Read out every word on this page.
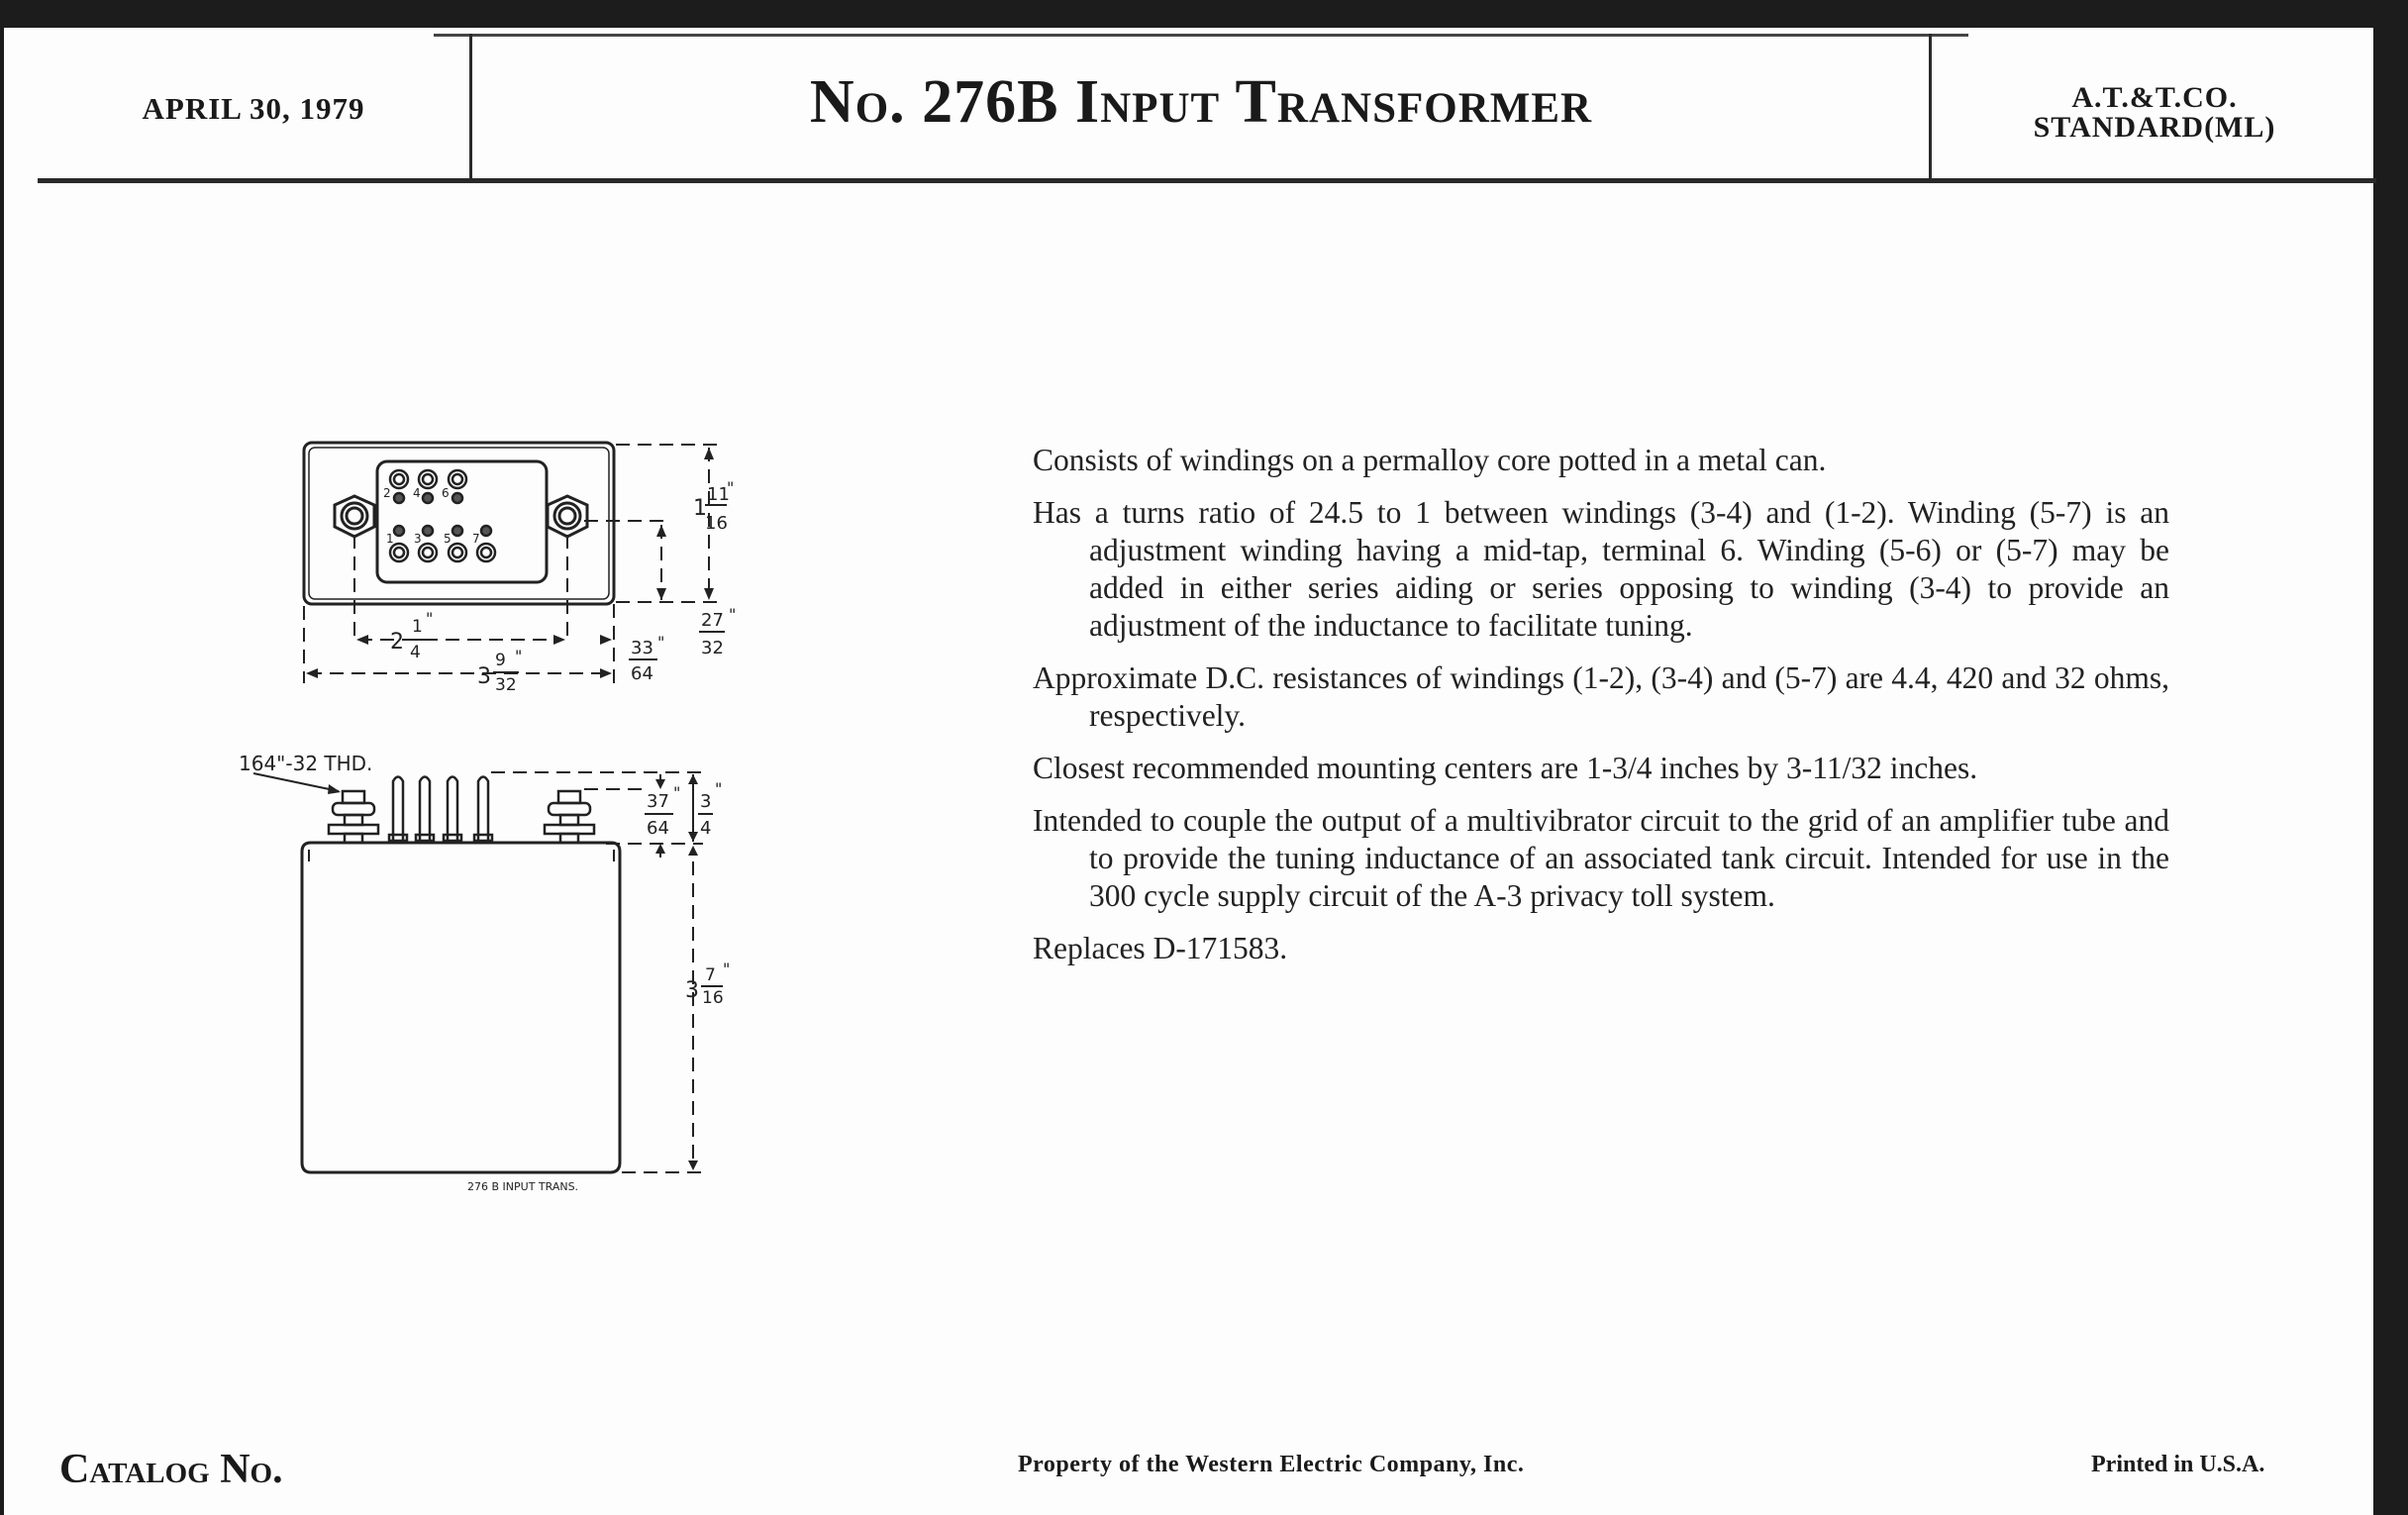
APRIL 30, 1979	No. 276B Input Transformer	A.T.&T.CO.
STANDARD(ML)
2 4 6
1 3 5 7
1
11
16
"
27
32
"
2
1
4
"
33
64
"
3
9
32
"
164"-32 THD.
37
64
" 3
4
"
3
7
16
"
276 B INPUT TRANS.

Consists of windings on a permalloy core potted in a metal can.

Has a turns ratio of 24.5 to 1 between windings (3-4) and (1-2). Winding (5-7) is an adjustment winding having a mid-tap, terminal 6. Winding (5-6) or (5-7) may be added in either series aiding or series opposing to winding (3-4) to provide an adjustment of the inductance to facilitate tuning.

Approximate D.C. resistances of windings (1-2), (3-4) and (5-7) are 4.4, 420 and 32 ohms, respectively.

Closest recommended mounting centers are 1-3/4 inches by 3-11/32 inches.

Intended to couple the output of a multivibrator circuit to the grid of an amplifier tube and to provide the tuning inductance of an associated tank circuit. Intended for use in the 300 cycle supply circuit of the A-3 privacy toll system.

Replaces D-171583.

Catalog No.	Property of the Western Electric Company, Inc.	Printed in U.S.A.
